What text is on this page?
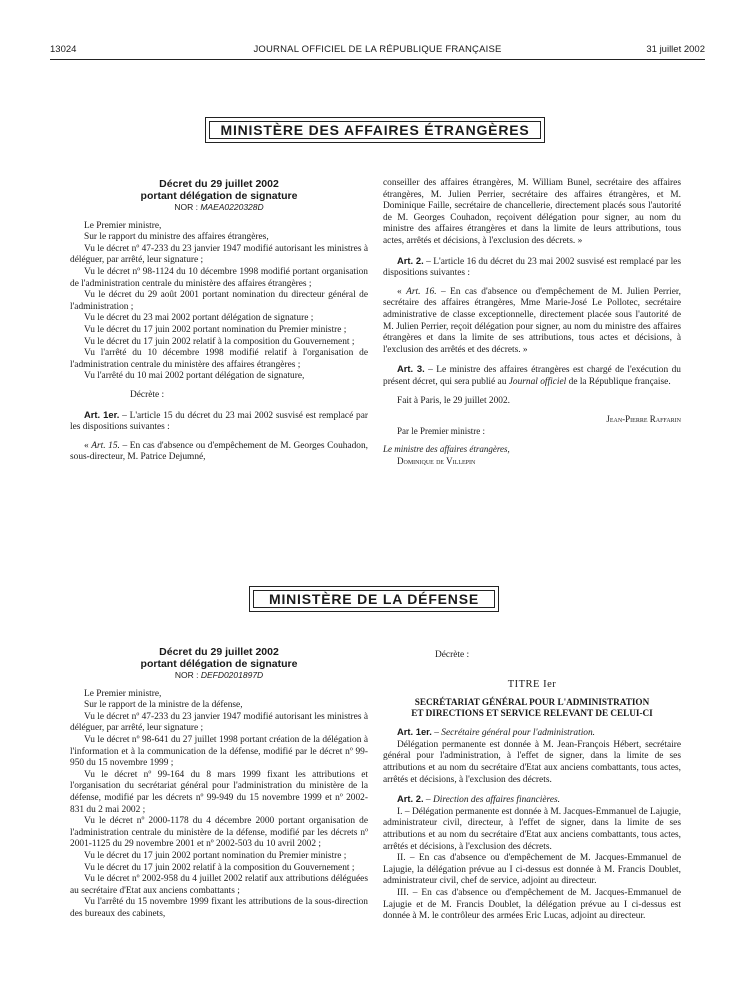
13024	JOURNAL OFFICIEL DE LA RÉPUBLIQUE FRANÇAISE	31 juillet 2002
MINISTÈRE DES AFFAIRES ÉTRANGÈRES

Décret du 29 juillet 2002

portant délégation de signature

NOR : MAEA0220328D

Le Premier ministre,

Sur le rapport du ministre des affaires étrangères,

Vu le décret nº 47-233 du 23 janvier 1947 modifié autorisant les ministres à déléguer, par arrêté, leur signature ;

Vu le décret nº 98-1124 du 10 décembre 1998 modifié portant organisation de l'administration centrale du ministère des affaires étrangères ;

Vu le décret du 29 août 2001 portant nomination du directeur général de l'administration ;

Vu le décret du 23 mai 2002 portant délégation de signature ;

Vu le décret du 17 juin 2002 portant nomination du Premier ministre ;

Vu le décret du 17 juin 2002 relatif à la composition du Gouvernement ;

Vu l'arrêté du 10 décembre 1998 modifié relatif à l'organisation de l'administration centrale du ministère des affaires étrangères ;

Vu l'arrêté du 10 mai 2002 portant délégation de signature,

Décrète :

Art. 1er. – L'article 15 du décret du 23 mai 2002 susvisé est remplacé par les dispositions suivantes :

« Art. 15. – En cas d'absence ou d'empêchement de M. Georges Couhadon, sous-directeur, M. Patrice Dejumné,

conseiller des affaires étrangères, M. William Bunel, secrétaire des affaires étrangères, M. Julien Perrier, secrétaire des affaires étrangères, et M. Dominique Faille, secrétaire de chancellerie, directement placés sous l'autorité de M. Georges Couhadon, reçoivent délégation pour signer, au nom du ministre des affaires étrangères et dans la limite de leurs attributions, tous actes, arrêtés et décisions, à l'exclusion des décrets. »

Art. 2. – L'article 16 du décret du 23 mai 2002 susvisé est remplacé par les dispositions suivantes :

« Art. 16. – En cas d'absence ou d'empêchement de M. Julien Perrier, secrétaire des affaires étrangères, Mme Marie-José Le Pollotec, secrétaire administrative de classe exceptionnelle, directement placée sous l'autorité de M. Julien Perrier, reçoit délégation pour signer, au nom du ministre des affaires étrangères et dans la limite de ses attributions, tous actes et décisions, à l'exclusion des arrêtés et des décrets. »

Art. 3. – Le ministre des affaires étrangères est chargé de l'exécution du présent décret, qui sera publié au Journal officiel de la République française.

Fait à Paris, le 29 juillet 2002.

Jean-Pierre Raffarin

Par le Premier ministre :

Le ministre des affaires étrangères,

Dominique de Villepin

MINISTÈRE DE LA DÉFENSE

Décret du 29 juillet 2002

portant délégation de signature

NOR : DEFD0201897D

Le Premier ministre,

Sur le rapport de la ministre de la défense,

Vu le décret nº 47-233 du 23 janvier 1947 modifié autorisant les ministres à déléguer, par arrêté, leur signature ;

Vu le décret nº 98-641 du 27 juillet 1998 portant création de la délégation à l'information et à la communication de la défense, modifié par le décret nº 99-950 du 15 novembre 1999 ;

Vu le décret nº 99-164 du 8 mars 1999 fixant les attributions et l'organisation du secrétariat général pour l'administration du ministère de la défense, modifié par les décrets nº 99-949 du 15 novembre 1999 et nº 2002-831 du 2 mai 2002 ;

Vu le décret nº 2000-1178 du 4 décembre 2000 portant organisation de l'administration centrale du ministère de la défense, modifié par les décrets nº 2001-1125 du 29 novembre 2001 et nº 2002-503 du 10 avril 2002 ;

Vu le décret du 17 juin 2002 portant nomination du Premier ministre ;

Vu le décret du 17 juin 2002 relatif à la composition du Gouvernement ;

Vu le décret nº 2002-958 du 4 juillet 2002 relatif aux attributions déléguées au secrétaire d'Etat aux anciens combattants ;

Vu l'arrêté du 15 novembre 1999 fixant les attributions de la sous-direction des bureaux des cabinets,

Décrète :

TITRE Ier

SECRÉTARIAT GÉNÉRAL POUR L'ADMINISTRATION

ET DIRECTIONS ET SERVICE RELEVANT DE CELUI-CI

Art. 1er. – Secrétaire général pour l'administration.

Délégation permanente est donnée à M. Jean-François Hébert, secrétaire général pour l'administration, à l'effet de signer, dans la limite de ses attributions et au nom du secrétaire d'Etat aux anciens combattants, tous actes, arrêtés et décisions, à l'exclusion des décrets.

Art. 2. – Direction des affaires financières.

I. – Délégation permanente est donnée à M. Jacques-Emmanuel de Lajugie, administrateur civil, directeur, à l'effet de signer, dans la limite de ses attributions et au nom du secrétaire d'Etat aux anciens combattants, tous actes, arrêtés et décisions, à l'exclusion des décrets.

II. – En cas d'absence ou d'empêchement de M. Jacques-Emmanuel de Lajugie, la délégation prévue au I ci-dessus est donnée à M. Francis Doublet, administrateur civil, chef de service, adjoint au directeur.

III. – En cas d'absence ou d'empêchement de M. Jacques-Emmanuel de Lajugie et de M. Francis Doublet, la délégation prévue au I ci-dessus est donnée à M. le contrôleur des armées Eric Lucas, adjoint au directeur.
